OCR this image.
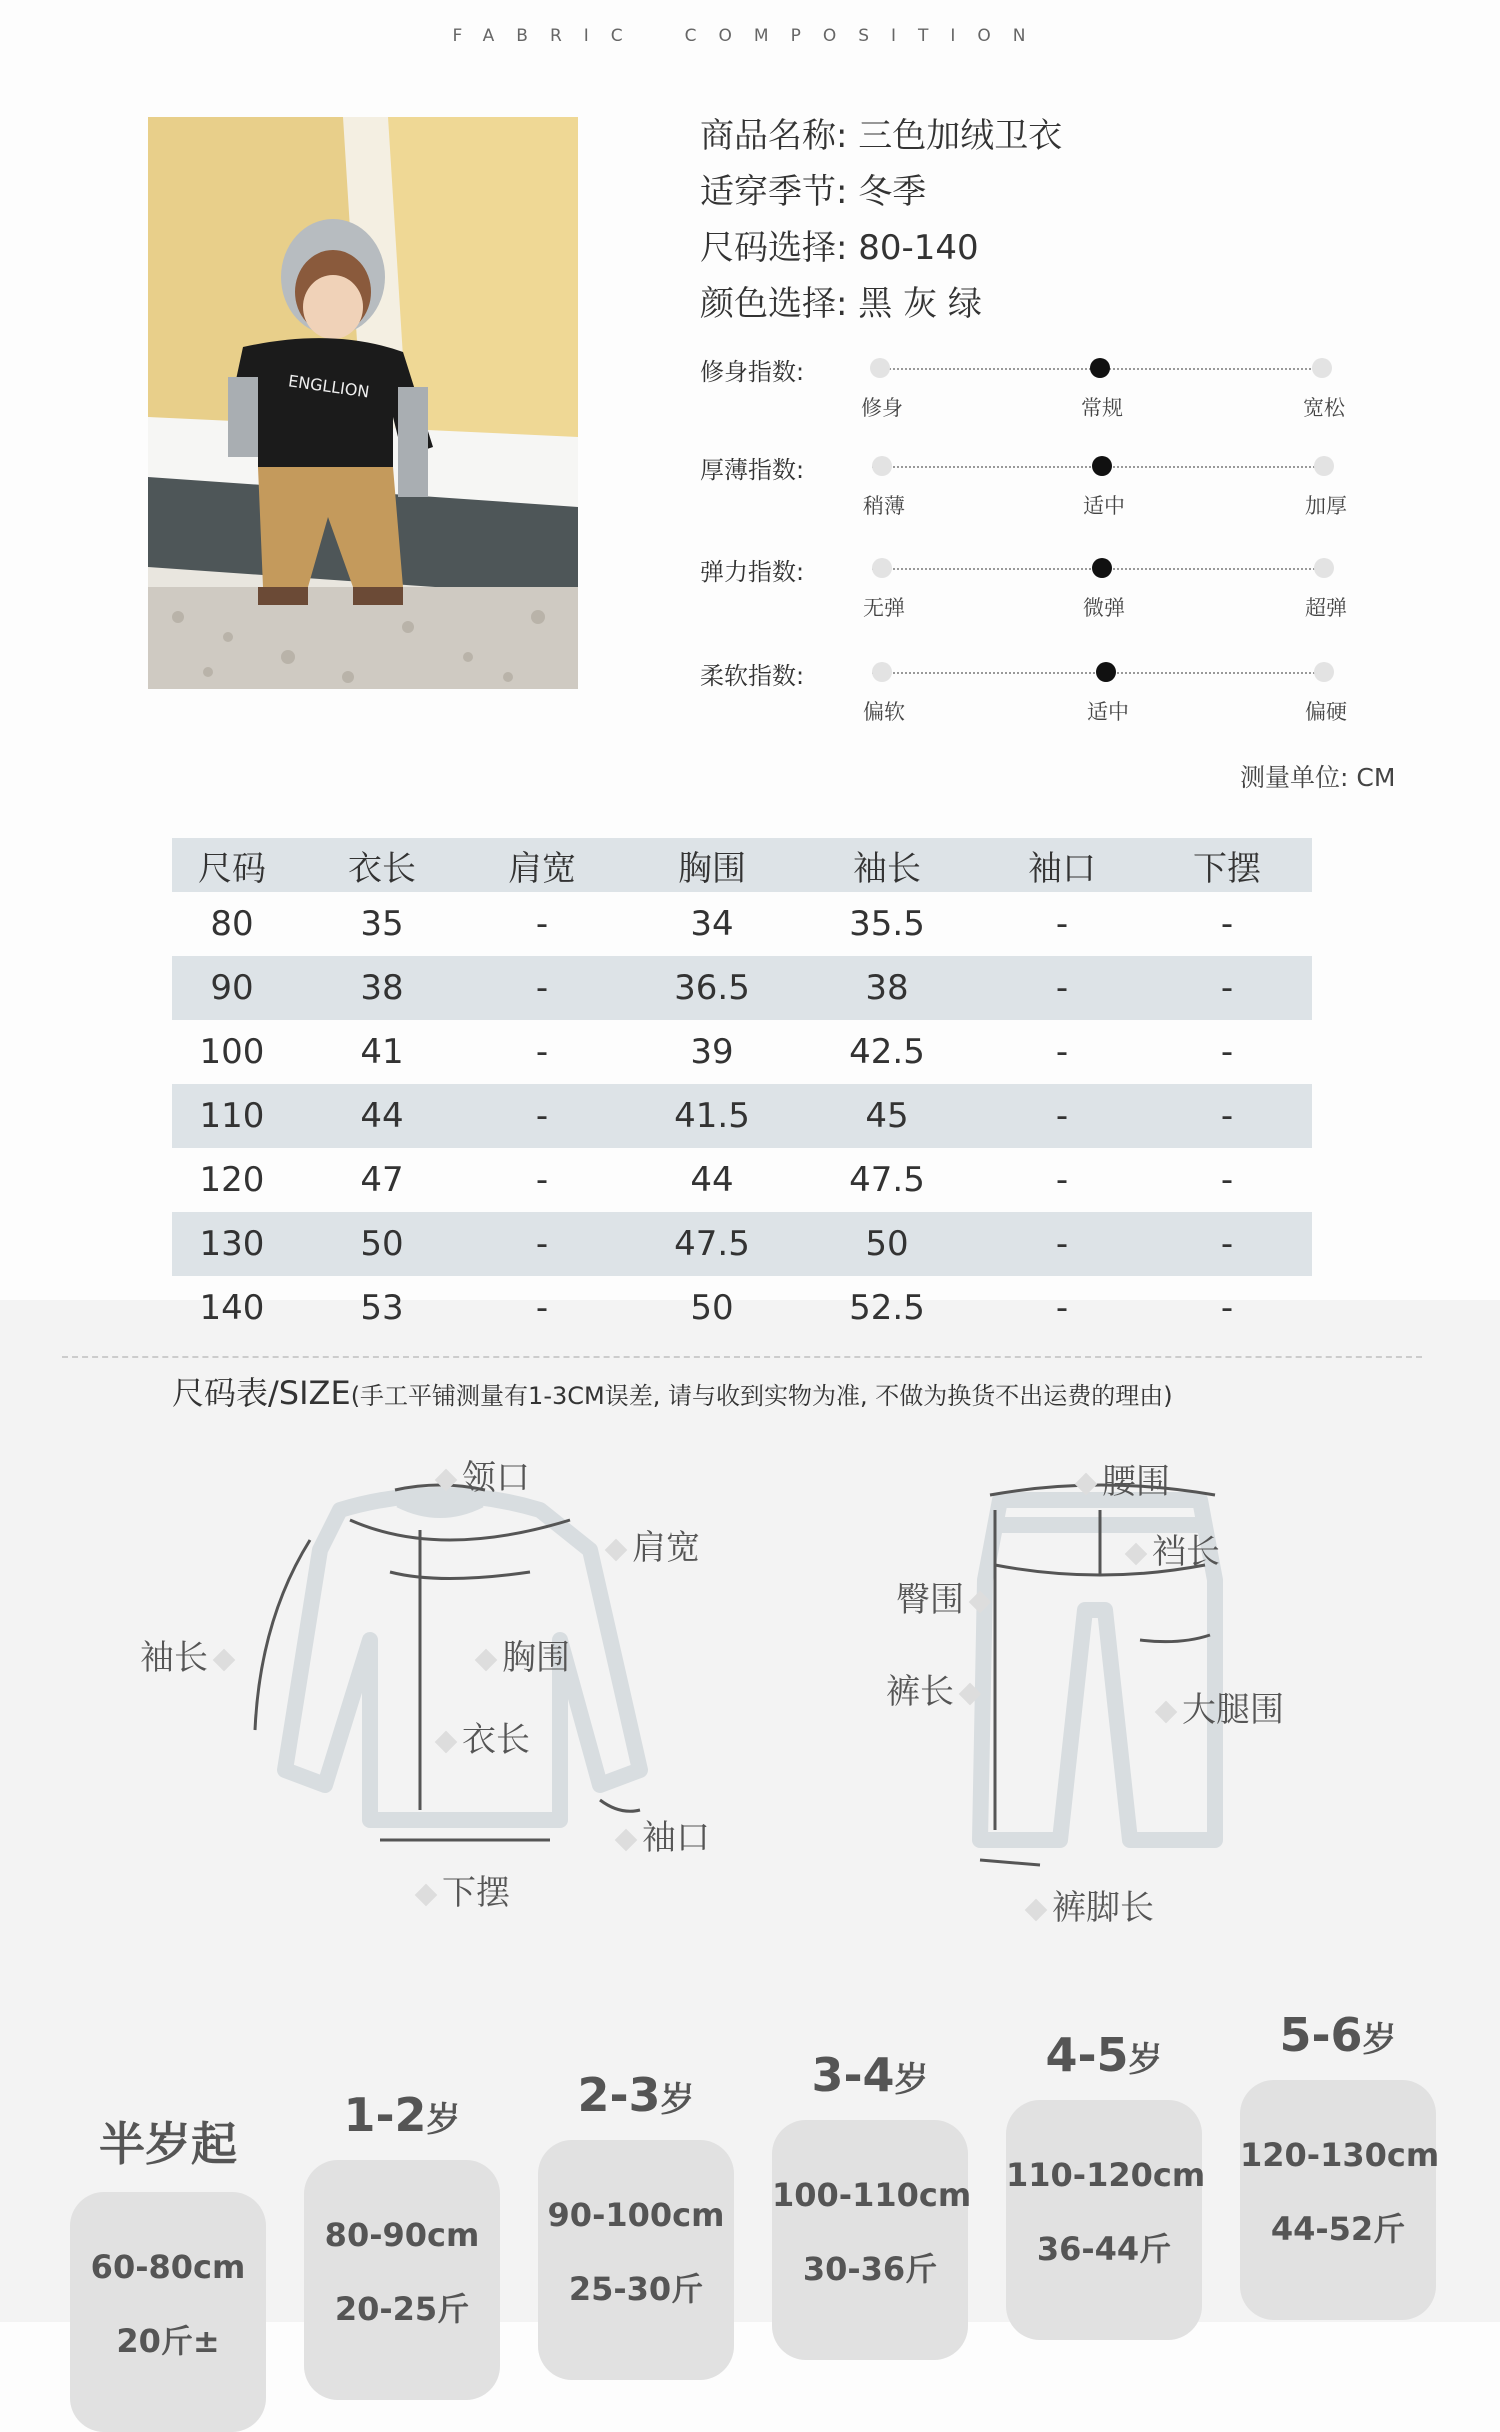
FABRIC COMPOSITION
ENGLLION
商品名称: 三色加绒卫衣
适穿季节: 冬季
尺码选择: 80-140
颜色选择: 黑 灰 绿
修身指数:
修身	常规	宽松
厚薄指数:
稍薄	适中	加厚
弹力指数:
无弹	微弹	超弹
柔软指数:
偏软	适中	偏硬
测量单位: CM
尺码	衣长	肩宽	胸围	袖长	袖口	下摆
80	35	-	34	35.5	-	-
90	38	-	36.5	38	-	-
100	41	-	39	42.5	-	-
110	44	-	41.5	45	-	-
120	47	-	44	47.5	-	-
130	50	-	47.5	50	-	-
140	53	-	50	52.5	-	-
尺码表/SIZE(手工平铺测量有1-3CM误差, 请与收到实物为准, 不做为换货不出运费的理由)
领口
肩宽
袖长	胸围
衣长
袖口
下摆
腰围
裆长
臀围
裤长	大腿围
裤脚长
半岁起
60-80cm
20斤±
1-2岁
80-90cm
20-25斤
2-3岁
90-100cm
25-30斤
3-4岁
100-110cm
30-36斤
4-5岁
110-120cm
36-44斤
5-6岁
120-130cm
44-52斤
